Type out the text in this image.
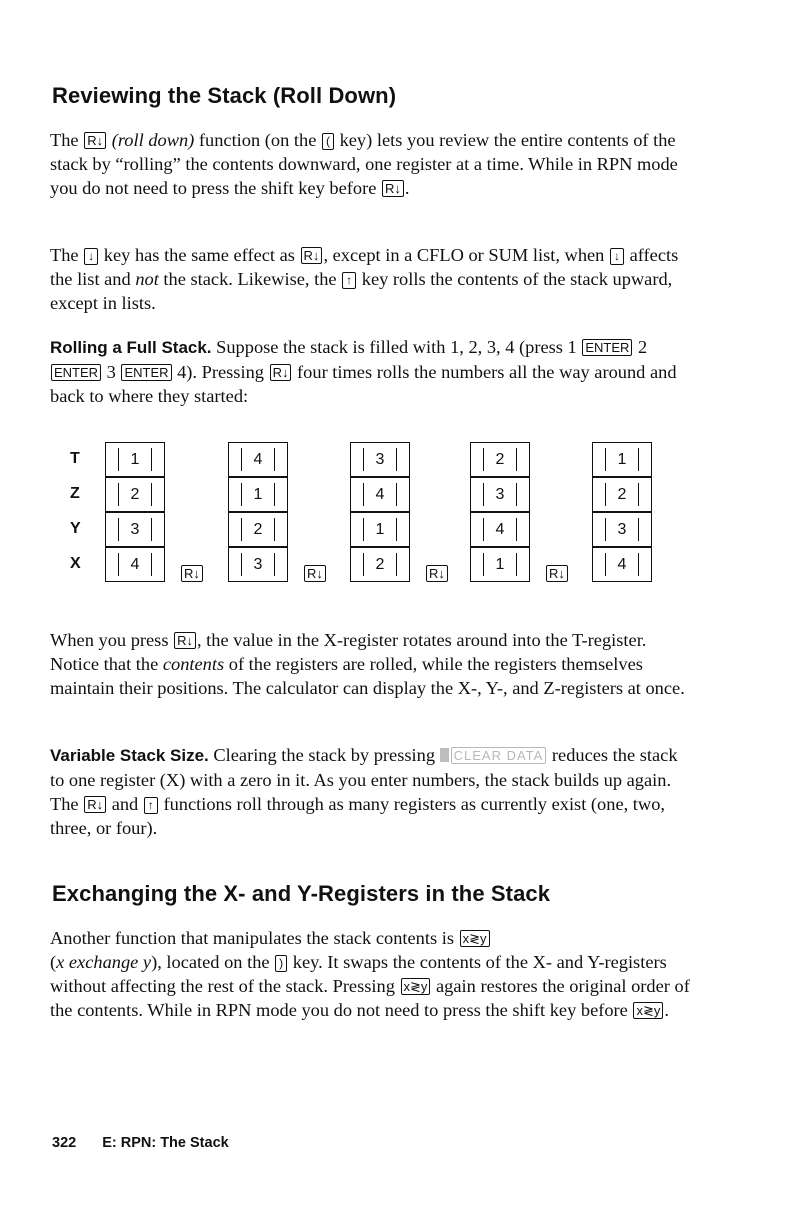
Reviewing the Stack (Roll Down)

The R↓ (roll down) function (on the ( key) lets you review the entire contents of the stack by “rolling” the contents downward, one register at a time. While in RPN mode you do not need to press the shift key before R↓ .

The ↓ key has the same effect as R↓ , except in a CFLO or SUM list, when ↓ affects the list and not the stack. Likewise, the ↑ key rolls the contents of the stack upward, except in lists.

Rolling a Full Stack. Suppose the stack is filled with 1, 2, 3, 4 (press 1 ENTER 2 ENTER 3 ENTER 4). Pressing R↓ four times rolls the numbers all the way around and back to where they started:

T
Z
Y
X
1
2
3
4
R↓
4
1
2
3
R↓
3
4
1
2
R↓
2
3
4
1
R↓
1
2
3
4

When you press R↓ , the value in the X-register rotates around into the T-register. Notice that the contents of the registers are rolled, while the registers themselves maintain their positions. The calculator can display the X-, Y-, and Z-registers at once.

Variable Stack Size. Clearing the stack by pressing CLEAR DATA reduces the stack to one register (X) with a zero in it. As you enter numbers, the stack builds up again. The R↓ and ↑ functions roll through as many registers as currently exist (one, two, three, or four).

Exchanging the X- and Y-Registers in the Stack

Another function that manipulates the stack contents is x≷y
(x exchange y), located on the ) key. It swaps the contents of the X- and Y-registers without affecting the rest of the stack. Pressing x≷y again restores the original order of the contents. While in RPN mode you do not need to press the shift key before x≷y .

322 E: RPN: The Stack
